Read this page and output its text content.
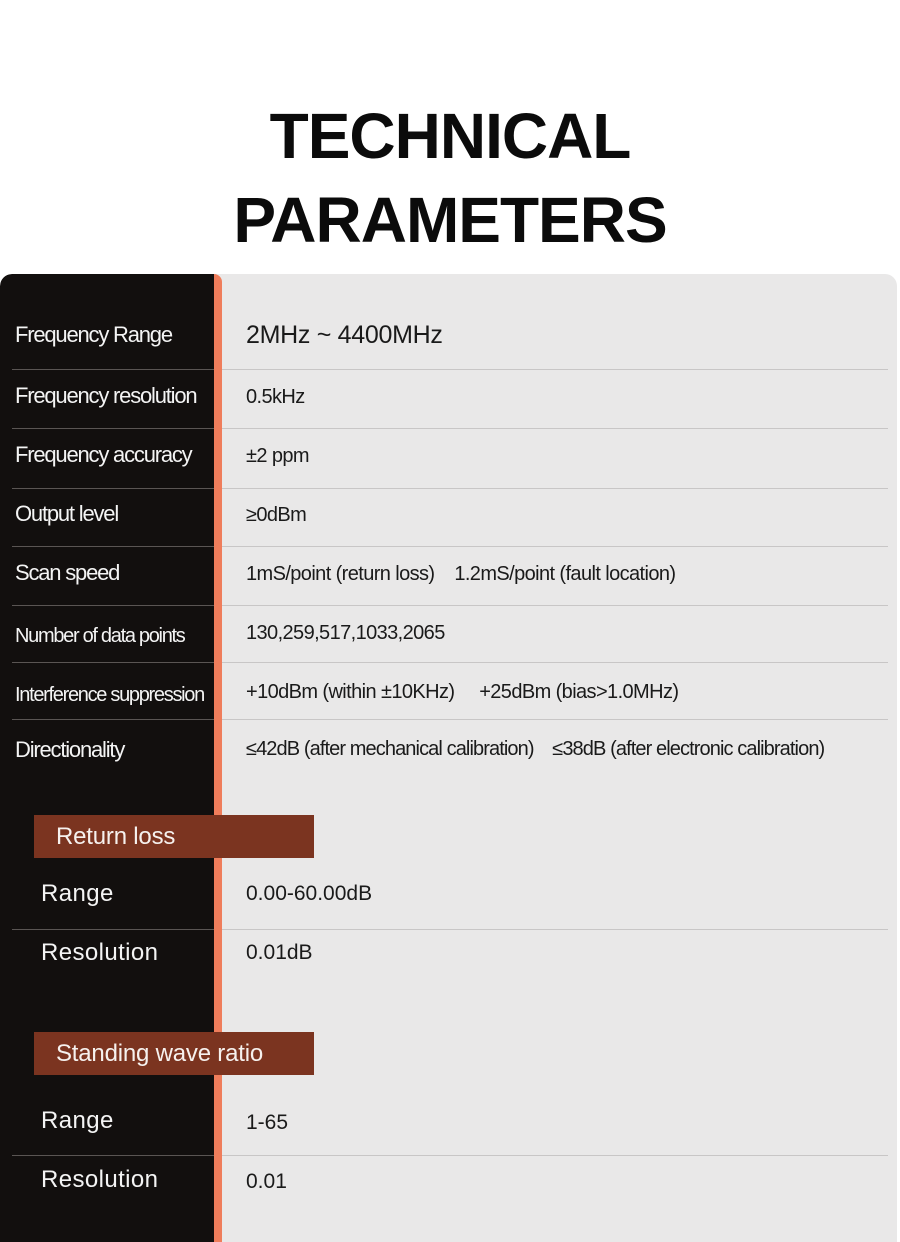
TECHNICAL
PARAMETERS
Frequency Range	2MHz ~ 4400MHz
Frequency resolution 0.5kHz
Frequency accuracy	±2 ppm
Output level	≥0dBm
Scan speed	1mS/point (return loss)    1.2mS/point (fault location)
Number of data points	130,259,517,1033,2065
Interference suppression +10dBm (within ±10KHz)     +25dBm (bias>1.0MHz)
Directionality	≤42dB (after mechanical calibration)    ≤38dB (after electronic calibration)
Return loss
Range	0.00-60.00dB
Resolution	0.01dB
Standing wave ratio
Range	1-65
Resolution	0.01
